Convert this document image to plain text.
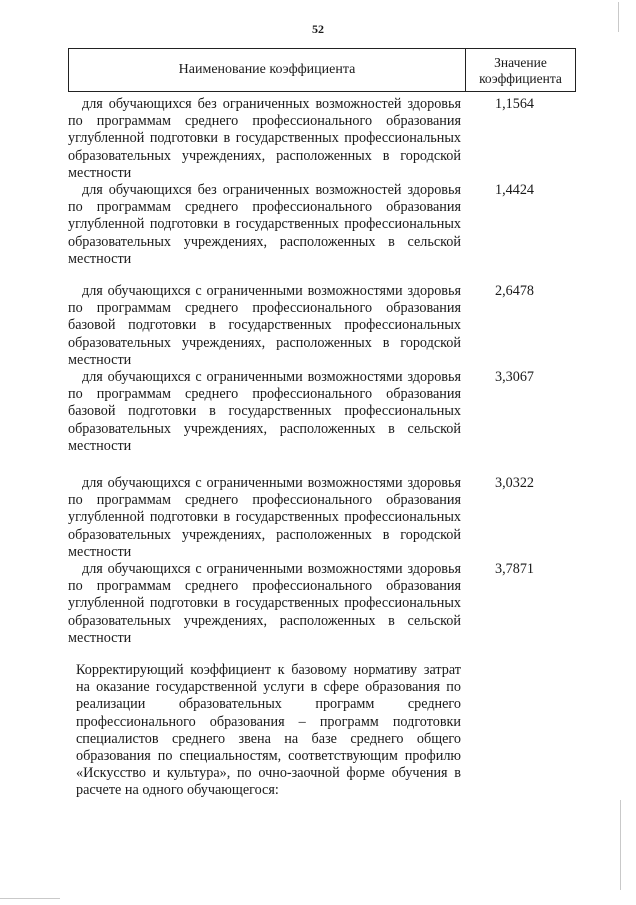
52
Наименование коэффициента	Значение коэффициента
для обучающихся без ограниченных возможностей здоровья по программам среднего профессионального образования углубленной подготовки в государственных профессиональных образовательных учреждениях, расположенных в городской местности
1,1564
для обучающихся без ограниченных возможностей здоровья по программам среднего профессионального образования углубленной подготовки в государственных профессиональных образовательных учреждениях, расположенных в сельской местности
1,4424
для обучающихся с ограниченными возможностями здоровья по программам среднего профессионального образования базовой подготовки в государственных профессиональных образовательных учреждениях, расположенных в городской местности
2,6478
для обучающихся с ограниченными возможностями здоровья по программам среднего профессионального образования базовой подготовки в государственных профессиональных образовательных учреждениях, расположенных в сельской местности
3,3067
для обучающихся с ограниченными возможностями здоровья по программам среднего профессионального образования углубленной подготовки в государственных профессиональных образовательных учреждениях, расположенных в городской местности
3,0322
для обучающихся с ограниченными возможностями здоровья по программам среднего профессионального образования углубленной подготовки в государственных профессиональных образовательных учреждениях, расположенных в сельской местности
3,7871
Корректирующий коэффициент к базовому нормативу затрат на оказание государственной услуги в сфере образования по реализации образовательных программ среднего профессионального образования – программ подготовки специалистов среднего звена на базе среднего общего образования по специальностям, соответствующим профилю «Искусство и культура», по очно-заочной форме обучения в расчете на одного обучающегося:
